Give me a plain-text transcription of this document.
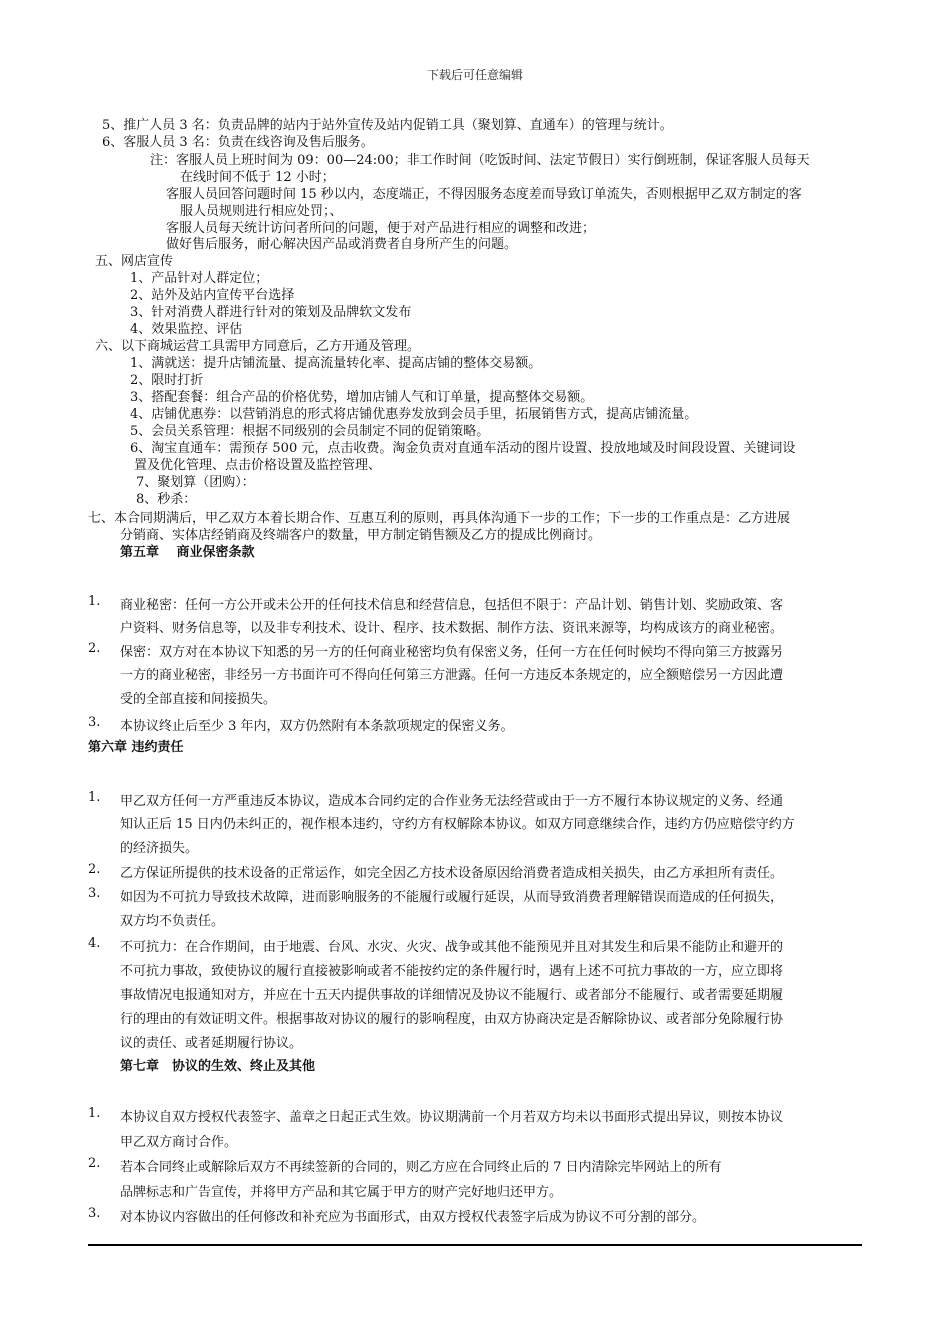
下载后可任意编辑
5、推广人员 3 名：负责品牌的站内于站外宣传及站内促销工具（聚划算、直通车）的管理与统计。
6、客服人员 3 名：负责在线咨询及售后服务。
注：客服人员上班时间为 09：00—24:00；非工作时间（吃饭时间、法定节假日）实行倒班制，保证客服人员每天
在线时间不低于 12 小时；
客服人员回答问题时间 15 秒以内，态度端正，不得因服务态度差而导致订单流失，否则根据甲乙双方制定的客
服人员规则进行相应处罚；、
客服人员每天统计访问者所问的问题，便于对产品进行相应的调整和改进；
做好售后服务，耐心解决因产品或消费者自身所产生的问题。
五、网店宣传
1、产品针对人群定位；
2、站外及站内宣传平台选择
3、针对消费人群进行针对的策划及品牌软文发布
4、效果监控、评估
六、以下商城运营工具需甲方同意后，乙方开通及管理。
1、满就送：提升店铺流量、提高流量转化率、提高店铺的整体交易额。
2、限时打折
3、搭配套餐：组合产品的价格优势，增加店铺人气和订单量，提高整体交易额。
4、店铺优惠券：以营销消息的形式将店铺优惠券发放到会员手里，拓展销售方式，提高店铺流量。
5、会员关系管理：根据不同级别的会员制定不同的促销策略。
6、淘宝直通车：需预存 500 元，点击收费。淘金负责对直通车活动的图片设置、投放地域及时间段设置、关键词设
置及优化管理、点击价格设置及监控管理、
7、聚划算（团购）：
8、秒杀：
七、本合同期满后，甲乙双方本着长期合作、互惠互利的原则，再具体沟通下一步的工作；下一步的工作重点是：乙方进展
分销商、实体店经销商及终端客户的数量，甲方制定销售额及乙方的提成比例商讨。
第五章　 商业保密条款
1. 商业秘密：任何一方公开或未公开的任何技术信息和经营信息，包括但不限于：产品计划、销售计划、奖励政策、客
户资料、财务信息等，以及非专利技术、设计、程序、技术数据、制作方法、资讯来源等，均构成该方的商业秘密。
2. 保密：双方对在本协议下知悉的另一方的任何商业秘密均负有保密义务，任何一方在任何时候均不得向第三方披露另
一方的商业秘密，非经另一方书面许可不得向任何第三方泄露。任何一方违反本条规定的，应全额赔偿另一方因此遭
受的全部直接和间接损失。
3. 本协议终止后至少 3 年内，双方仍然附有本条款项规定的保密义务。
第六章 违约责任
1. 甲乙双方任何一方严重违反本协议，造成本合同约定的合作业务无法经营或由于一方不履行本协议规定的义务、经通
知认正后 15 日内仍未纠正的，视作根本违约，守约方有权解除本协议。如双方同意继续合作，违约方仍应赔偿守约方
的经济损失。
2. 乙方保证所提供的技术设备的正常运作，如完全因乙方技术设备原因给消费者造成相关损失，由乙方承担所有责任。
3. 如因为不可抗力导致技术故障，进而影响服务的不能履行或履行延误，从而导致消费者理解错误而造成的任何损失，
双方均不负责任。
4. 不可抗力：在合作期间，由于地震、台风、水灾、火灾、战争或其他不能预见并且对其发生和后果不能防止和避开的
不可抗力事故，致使协议的履行直接被影响或者不能按约定的条件履行时，遇有上述不可抗力事故的一方，应立即将
事故情况电报通知对方，并应在十五天内提供事故的详细情况及协议不能履行、或者部分不能履行、或者需要延期履
行的理由的有效证明文件。根据事故对协议的履行的影响程度，由双方协商决定是否解除协议、或者部分免除履行协
议的责任、或者延期履行协议。
第七章　协议的生效、终止及其他
1. 本协议自双方授权代表签字、盖章之日起正式生效。协议期满前一个月若双方均未以书面形式提出异议，则按本协议
甲乙双方商讨合作。
2. 若本合同终止或解除后双方不再续签新的合同的，则乙方应在合同终止后的 7 日内清除完毕网站上的所有
品牌标志和广告宣传，并将甲方产品和其它属于甲方的财产完好地归还甲方。
3. 对本协议内容做出的任何修改和补充应为书面形式，由双方授权代表签字后成为协议不可分割的部分。
